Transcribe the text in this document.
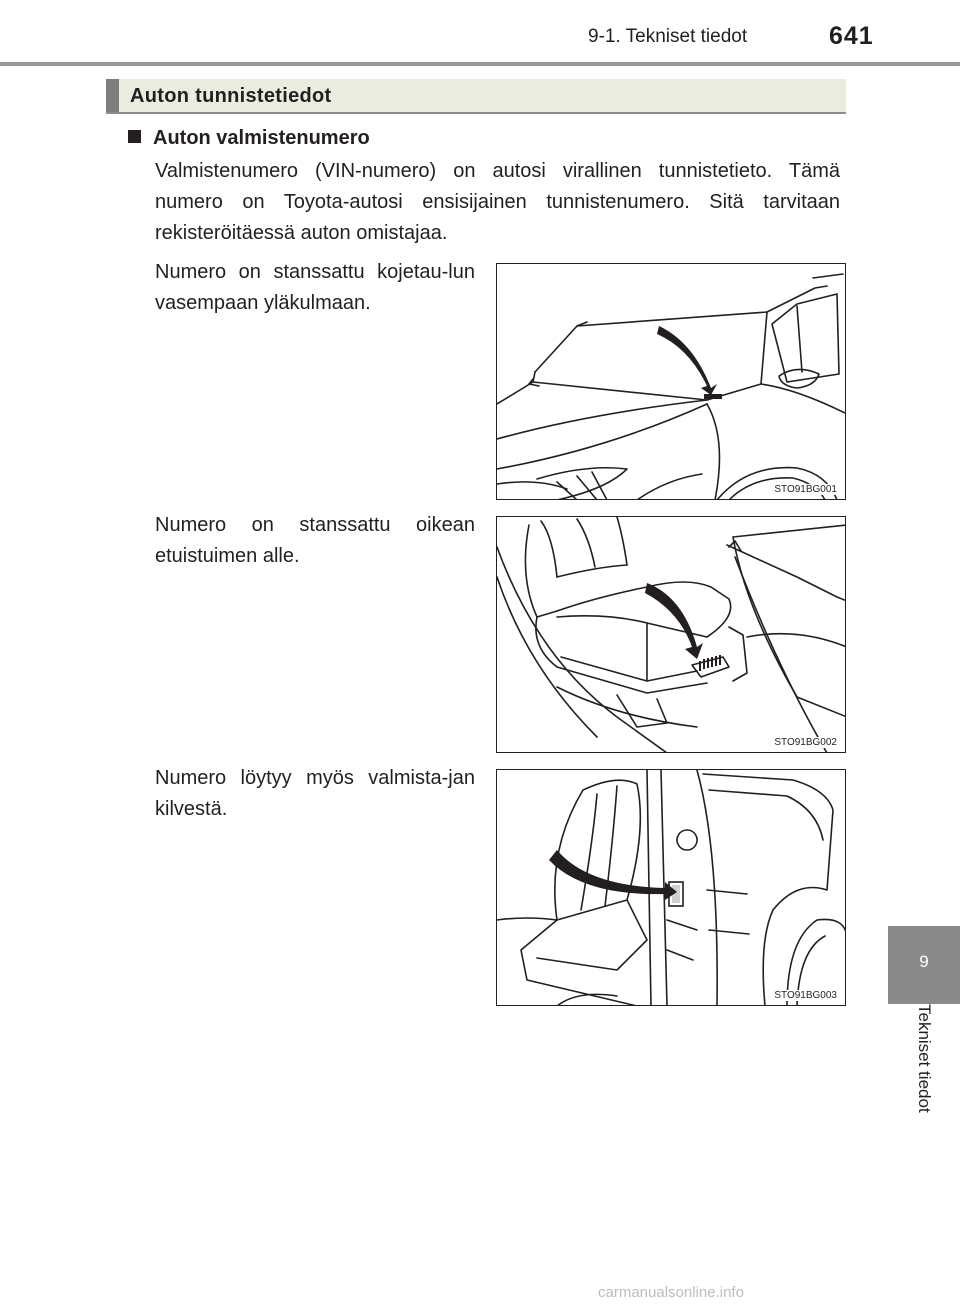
9-1. Tekniset tiedot	641
Auton tunnistetiedot
Auton valmistenumero

Valmistenumero (VIN-numero) on autosi virallinen tunnistetieto. Tämä numero on Toyota-autosi ensisijainen tunnistenumero. Sitä tarvitaan rekisteröitäessä auton omistajaa.

Numero on stanssattu kojetau-lun vasempaan yläkulmaan.

Numero on stanssattu oikean etuistuimen alle.

Numero löytyy myös valmista-jan kilvestä.

STO91BG001
STO91BG002
STO91BG003
9
Tekniset tiedot
carmanualsonline.info
